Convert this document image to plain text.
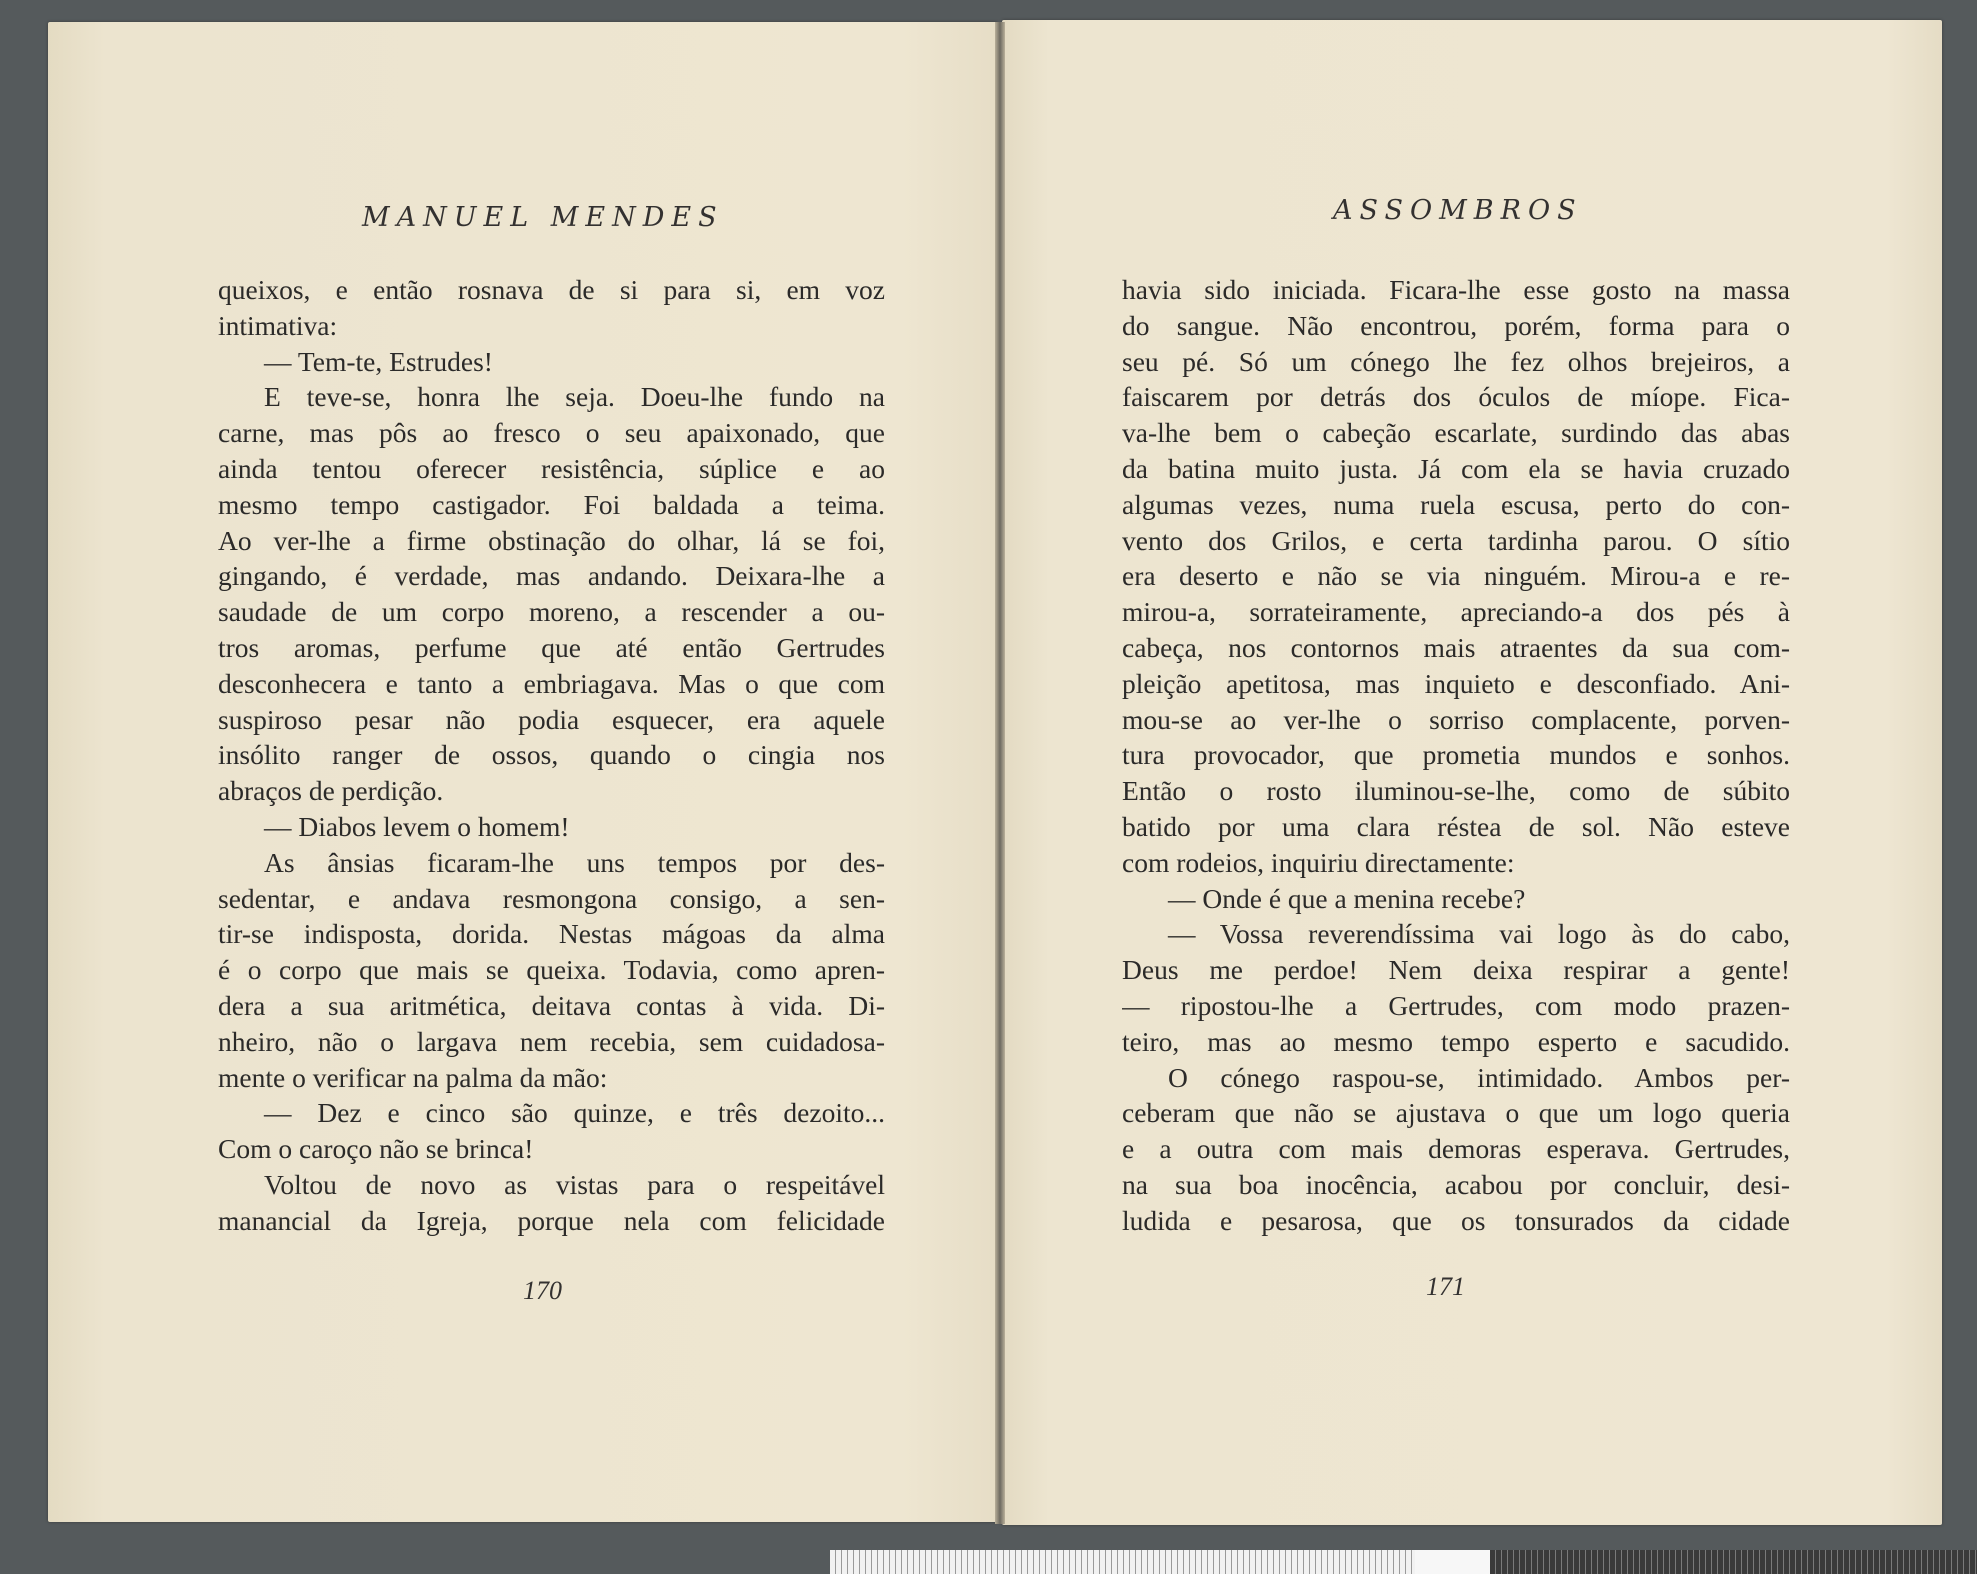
MANUEL MENDES	ASSOMBROS
queixos, e então rosnava de si para si, em voz
intimativa:
— Tem-te, Estrudes!
E teve-se, honra lhe seja. Doeu-lhe fundo na
carne, mas pôs ao fresco o seu apaixonado, que
ainda tentou oferecer resistência, súplice e ao
mesmo tempo castigador. Foi baldada a teima.
Ao ver-lhe a firme obstinação do olhar, lá se foi,
gingando, é verdade, mas andando. Deixara-lhe a
saudade de um corpo moreno, a rescender a ou-
tros aromas, perfume que até então Gertrudes
desconhecera e tanto a embriagava. Mas o que com
suspiroso pesar não podia esquecer, era aquele
insólito ranger de ossos, quando o cingia nos
abraços de perdição.
— Diabos levem o homem!
As ânsias ficaram-lhe uns tempos por des-
sedentar, e andava resmongona consigo, a sen-
tir-se indisposta, dorida. Nestas mágoas da alma
é o corpo que mais se queixa. Todavia, como apren-
dera a sua aritmética, deitava contas à vida. Di-
nheiro, não o largava nem recebia, sem cuidadosa-
mente o verificar na palma da mão:
— Dez e cinco são quinze, e três dezoito...
Com o caroço não se brinca!
Voltou de novo as vistas para o respeitável
manancial da Igreja, porque nela com felicidade
havia sido iniciada. Ficara-lhe esse gosto na massa
do sangue. Não encontrou, porém, forma para o
seu pé. Só um cónego lhe fez olhos brejeiros, a
faiscarem por detrás dos óculos de míope. Fica-
va-lhe bem o cabeção escarlate, surdindo das abas
da batina muito justa. Já com ela se havia cruzado
algumas vezes, numa ruela escusa, perto do con-
vento dos Grilos, e certa tardinha parou. O sítio
era deserto e não se via ninguém. Mirou-a e re-
mirou-a, sorrateiramente, apreciando-a dos pés à
cabeça, nos contornos mais atraentes da sua com-
pleição apetitosa, mas inquieto e desconfiado. Ani-
mou-se ao ver-lhe o sorriso complacente, porven-
tura provocador, que prometia mundos e sonhos.
Então o rosto iluminou-se-lhe, como de súbito
batido por uma clara réstea de sol. Não esteve
com rodeios, inquiriu directamente:
— Onde é que a menina recebe?
— Vossa reverendíssima vai logo às do cabo,
Deus me perdoe! Nem deixa respirar a gente!
— ripostou-lhe a Gertrudes, com modo prazen-
teiro, mas ao mesmo tempo esperto e sacudido.
O cónego raspou-se, intimidado. Ambos per-
ceberam que não se ajustava o que um logo queria
e a outra com mais demoras esperava. Gertrudes,
na sua boa inocência, acabou por concluir, desi-
ludida e pesarosa, que os tonsurados da cidade
170	171
